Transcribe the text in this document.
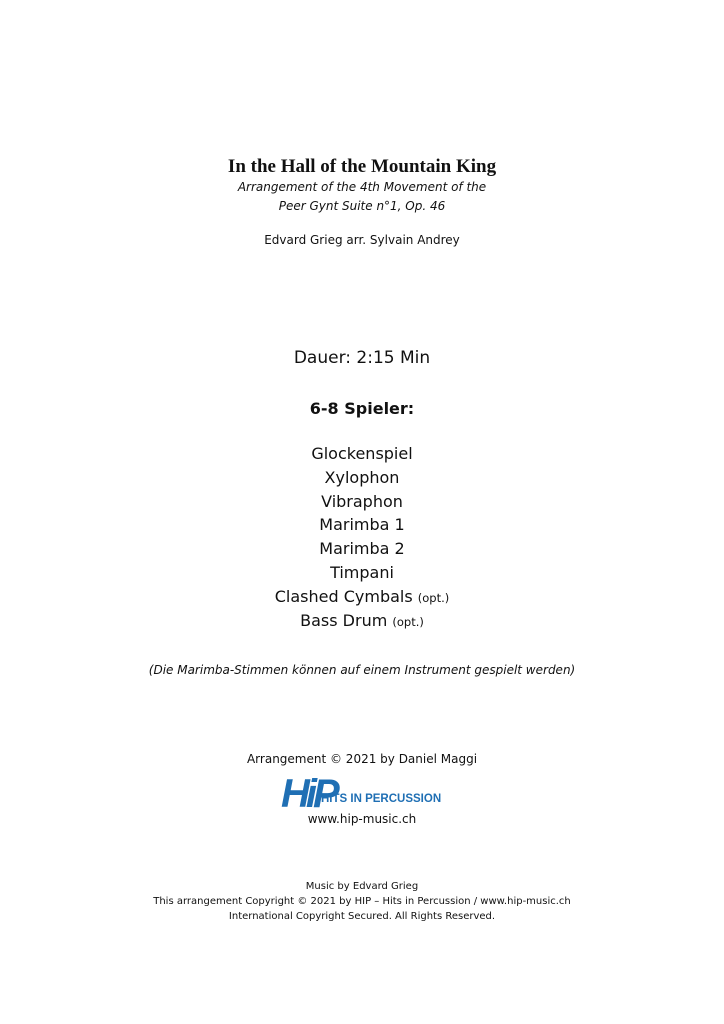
In the Hall of the Mountain King
Arrangement of the 4th Movement of the
Peer Gynt Suite n°1, Op. 46
Edvard Grieg arr. Sylvain Andrey
Dauer: 2:15 Min
6-8 Spieler:
Glockenspiel
Xylophon
Vibraphon
Marimba 1
Marimba 2
Timpani
Clashed Cymbals (opt.)
Bass Drum (opt.)
(Die Marimba-Stimmen können auf einem Instrument gespielt werden)
Arrangement © 2021 by Daniel Maggi
HiP
HITS IN PERCUSSION
www.hip-music.ch
Music by Edvard Grieg
This arrangement Copyright © 2021 by HIP – Hits in Percussion / www.hip-music.ch
International Copyright Secured. All Rights Reserved.
